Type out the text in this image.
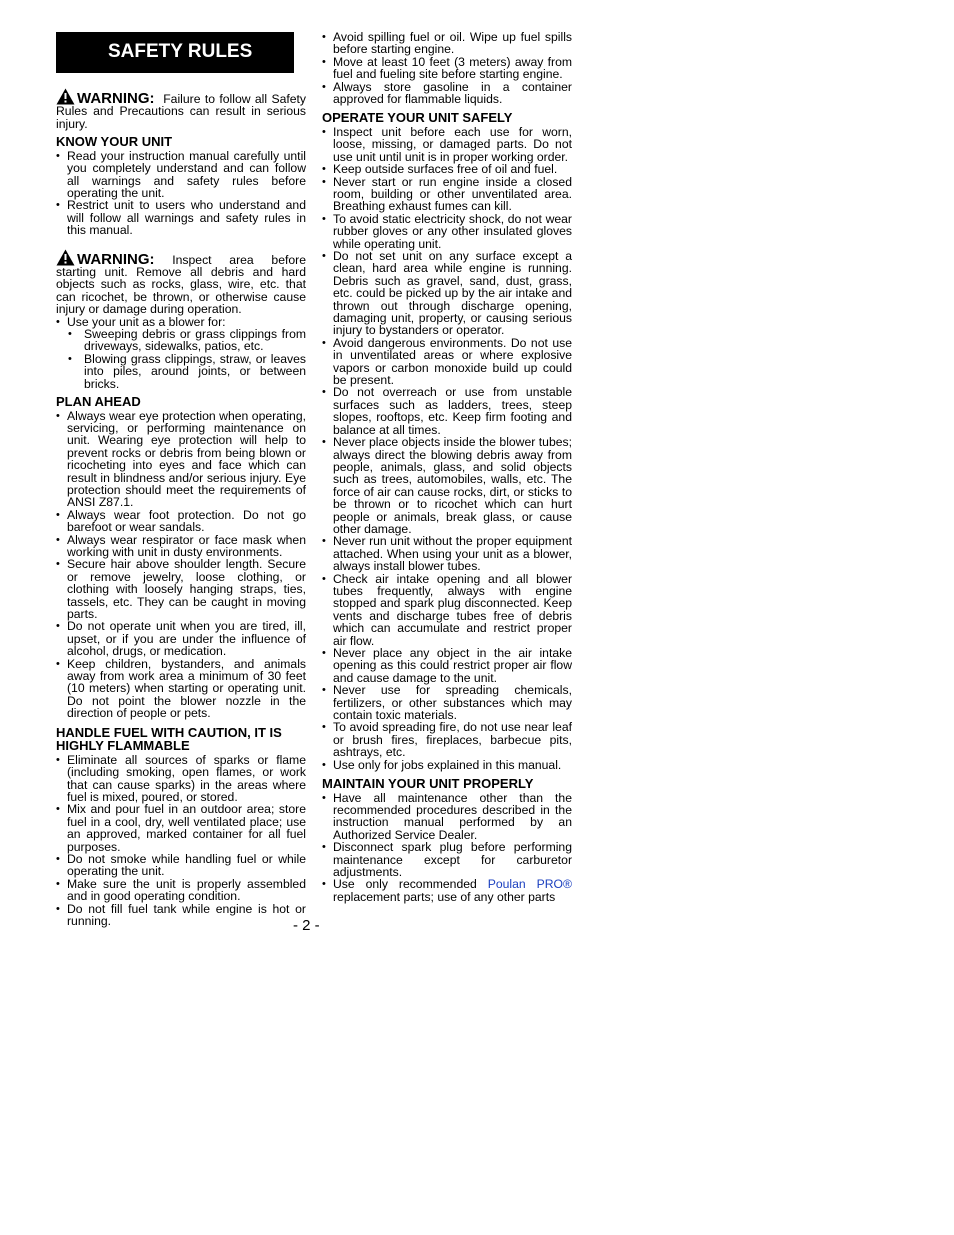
SAFETY RULES

WARNING: Failure to follow all Safety Rules and Precautions can result in serious injury.

KNOW YOUR UNIT
• Read your instruction manual carefully until you completely understand and can follow all warnings and safety rules before operating the unit.
• Restrict unit to users who understand and will follow all warnings and safety rules in this manual.

WARNING: Inspect area before starting unit. Remove all debris and hard objects such as rocks, glass, wire, etc. that can ricochet, be thrown, or otherwise cause injury or damage during operation.

• Use your unit as a blower for:
• Sweeping debris or grass clippings from driveways, sidewalks, patios, etc.
• Blowing grass clippings, straw, or leaves into piles, around joints, or between bricks.
PLAN AHEAD
• Always wear eye protection when operating, servicing, or performing maintenance on unit. Wearing eye protection will help to prevent rocks or debris from being blown or ricocheting into eyes and face which can result in blindness and/or serious injury. Eye protection should meet the requirements of ANSI Z87.1.
• Always wear foot protection. Do not go barefoot or wear sandals.
• Always wear respirator or face mask when working with unit in dusty environments.
• Secure hair above shoulder length. Secure or remove jewelry, loose clothing, or clothing with loosely hanging straps, ties, tassels, etc. They can be caught in moving parts.
• Do not operate unit when you are tired, ill, upset, or if you are under the influence of alcohol, drugs, or medication.
• Keep children, bystanders, and animals away from work area a minimum of 30 feet (10 meters) when starting or operating unit. Do not point the blower nozzle in the direction of people or pets.
HANDLE FUEL WITH CAUTION, IT IS HIGHLY FLAMMABLE
• Eliminate all sources of sparks or flame (including smoking, open flames, or work that can cause sparks) in the areas where fuel is mixed, poured, or stored.
• Mix and pour fuel in an outdoor area; store fuel in a cool, dry, well ventilated place; use an approved, marked container for all fuel purposes.
• Do not smoke while handling fuel or while operating the unit.
• Make sure the unit is properly assembled and in good operating condition.
• Do not fill fuel tank while engine is hot or running.
• Avoid spilling fuel or oil. Wipe up fuel spills before starting engine.
• Move at least 10 feet (3 meters) away from fuel and fueling site before starting engine.
• Always store gasoline in a container approved for flammable liquids.
OPERATE YOUR UNIT SAFELY
• Inspect unit before each use for worn, loose, missing, or damaged parts. Do not use unit until unit is in proper working order.
• Keep outside surfaces free of oil and fuel.
• Never start or run engine inside a closed room, building or other unventilated area. Breathing exhaust fumes can kill.
• To avoid static electricity shock, do not wear rubber gloves or any other insulated gloves while operating unit.
• Do not set unit on any surface except a clean, hard area while engine is running. Debris such as gravel, sand, dust, grass, etc. could be picked up by the air intake and thrown out through discharge opening, damaging unit, property, or causing serious injury to bystanders or operator.
• Avoid dangerous environments. Do not use in unventilated areas or where explosive vapors or carbon monoxide build up could be present.
• Do not overreach or use from unstable surfaces such as ladders, trees, steep slopes, rooftops, etc. Keep firm footing and balance at all times.
• Never place objects inside the blower tubes; always direct the blowing debris away from people, animals, glass, and solid objects such as trees, automobiles, walls, etc. The force of air can cause rocks, dirt, or sticks to be thrown or to ricochet which can hurt people or animals, break glass, or cause other damage.
• Never run unit without the proper equipment attached. When using your unit as a blower, always install blower tubes.
• Check air intake opening and all blower tubes frequently, always with engine stopped and spark plug disconnected. Keep vents and discharge tubes free of debris which can accumulate and restrict proper air flow.
• Never place any object in the air intake opening as this could restrict proper air flow and cause damage to the unit.
• Never use for spreading chemicals, fertilizers, or other substances which may contain toxic materials.
• To avoid spreading fire, do not use near leaf or brush fires, fireplaces, barbecue pits, ashtrays, etc.
• Use only for jobs explained in this manual.
MAINTAIN YOUR UNIT PROPERLY
• Have all maintenance other than the recommended procedures described in the instruction manual performed by an Authorized Service Dealer.
• Disconnect spark plug before performing maintenance except for carburetor adjustments.
• Use only recommended Poulan PRO® replacement parts; use of any other parts
- 2 -
